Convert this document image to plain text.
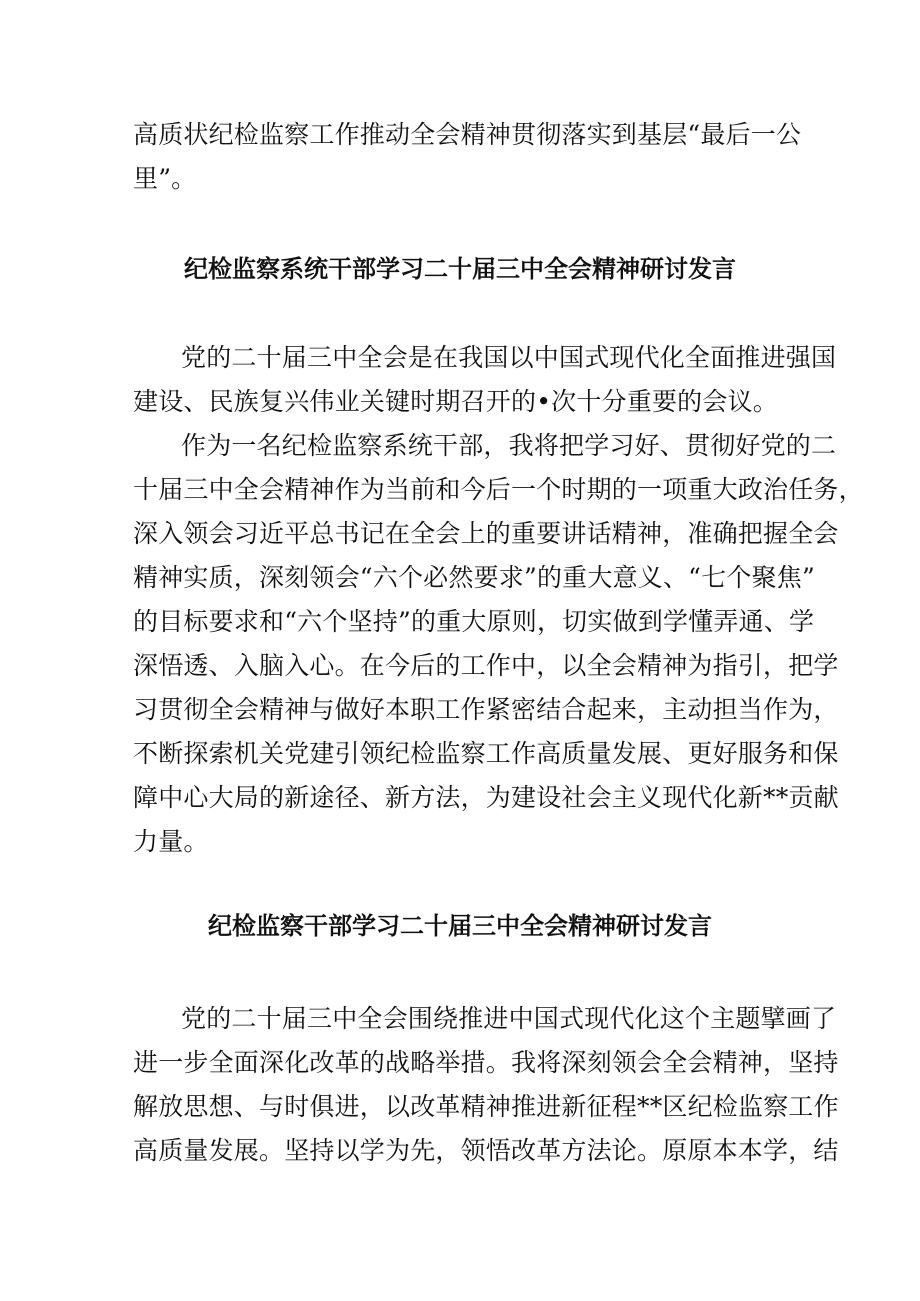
高质状纪检监察工作推动全会精神贯彻落实到基层“最后一公
里”。
纪检监察系统干部学习二十届三中全会精神研讨发言
党的二十届三中全会是在我国以中国式现代化全面推进强国
建设、民族复兴伟业关键时期召开的•次十分重要的会议。
作为一名纪检监察系统干部，我将把学习好、贯彻好党的二
十届三中全会精神作为当前和今后一个时期的一项重大政治任务，
深入领会习近平总书记在全会上的重要讲话精神，准确把握全会
精神实质，深刻领会“六个必然要求”的重大意义、“七个聚焦”
的目标要求和“六个坚持”的重大原则，切实做到学懂弄通、学
深悟透、入脑入心。在今后的工作中，以全会精神为指引，把学
习贯彻全会精神与做好本职工作紧密结合起来，主动担当作为，
不断探索机关党建引领纪检监察工作高质量发展、更好服务和保
障中心大局的新途径、新方法，为建设社会主义现代化新**贡献
力量。
纪检监察干部学习二十届三中全会精神研讨发言
党的二十届三中全会围绕推进中国式现代化这个主题擘画了
进一步全面深化改革的战略举措。我将深刻领会全会精神，坚持
解放思想、与时俱进，以改革精神推进新征程**区纪检监察工作
高质量发展。坚持以学为先，领悟改革方法论。原原本本学，结
